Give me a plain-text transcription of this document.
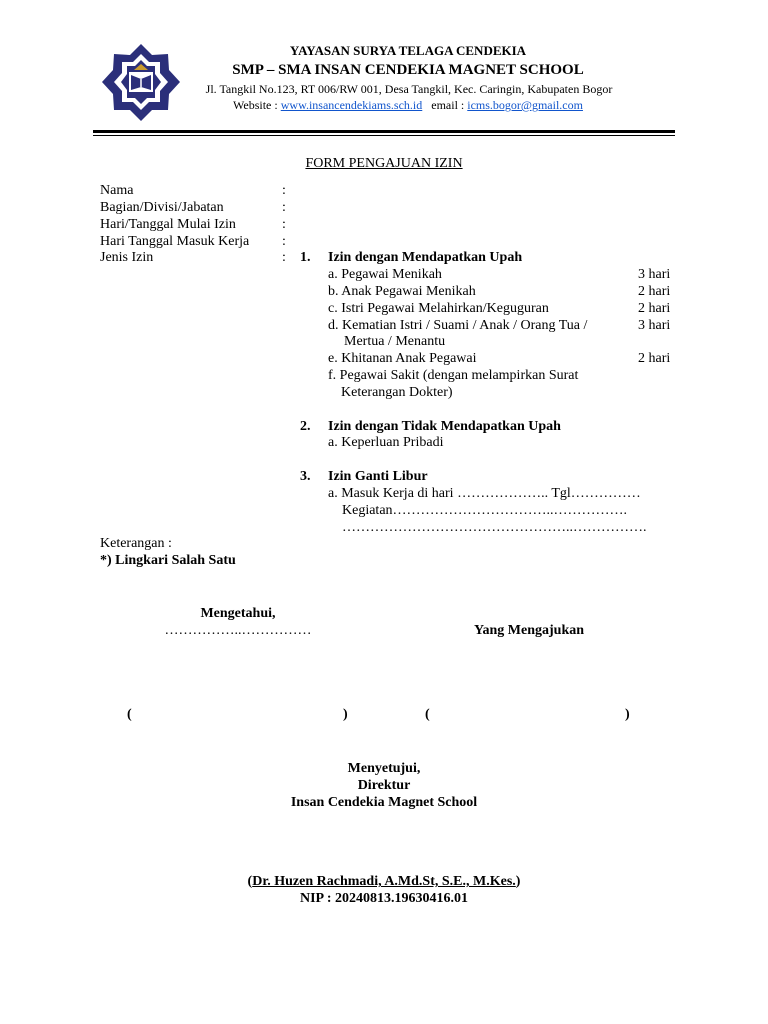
YAYASAN SURYA TELAGA CENDEKIA
SMP – SMA INSAN CENDEKIA MAGNET SCHOOL
Jl. Tangkil No.123, RT 006/RW 001, Desa Tangkil, Kec. Caringin, Kabupaten Bogor
Website : www.insancendekiams.sch.id email : icms.bogor@gmail.com
FORM PENGAJUAN IZIN
Nama	:
Bagian/Divisi/Jabatan	:
Hari/Tanggal Mulai Izin	:
Hari Tanggal Masuk Kerja :
Jenis Izin	: 1. Izin dengan Mendapatkan Upah
a. Pegawai Menikah	3 hari
b. Anak Pegawai Menikah	2 hari
c. Istri Pegawai Melahirkan/Keguguran	2 hari
d. Kematian Istri / Suami / Anak / Orang Tua /	3 hari
Mertua / Menantu
e. Khitanan Anak Pegawai	2 hari
f. Pegawai Sakit (dengan melampirkan Surat
Keterangan Dokter)
2. Izin dengan Tidak Mendapatkan Upah
a. Keperluan Pribadi
3. Izin Ganti Libur
a. Masuk Kerja di hari ……………….. Tgl……………
Kegiatan……………………………..…………….
…………………………………………..…………….
Keterangan :
*) Lingkari Salah Satu
Mengetahui,
……………..……………	Yang Mengajukan
(	)	(	)
Menyetujui,
Direktur
Insan Cendekia Magnet School
(Dr. Huzen Rachmadi, A.Md.St, S.E., M.Kes.)
NIP : 20240813.19630416.01
